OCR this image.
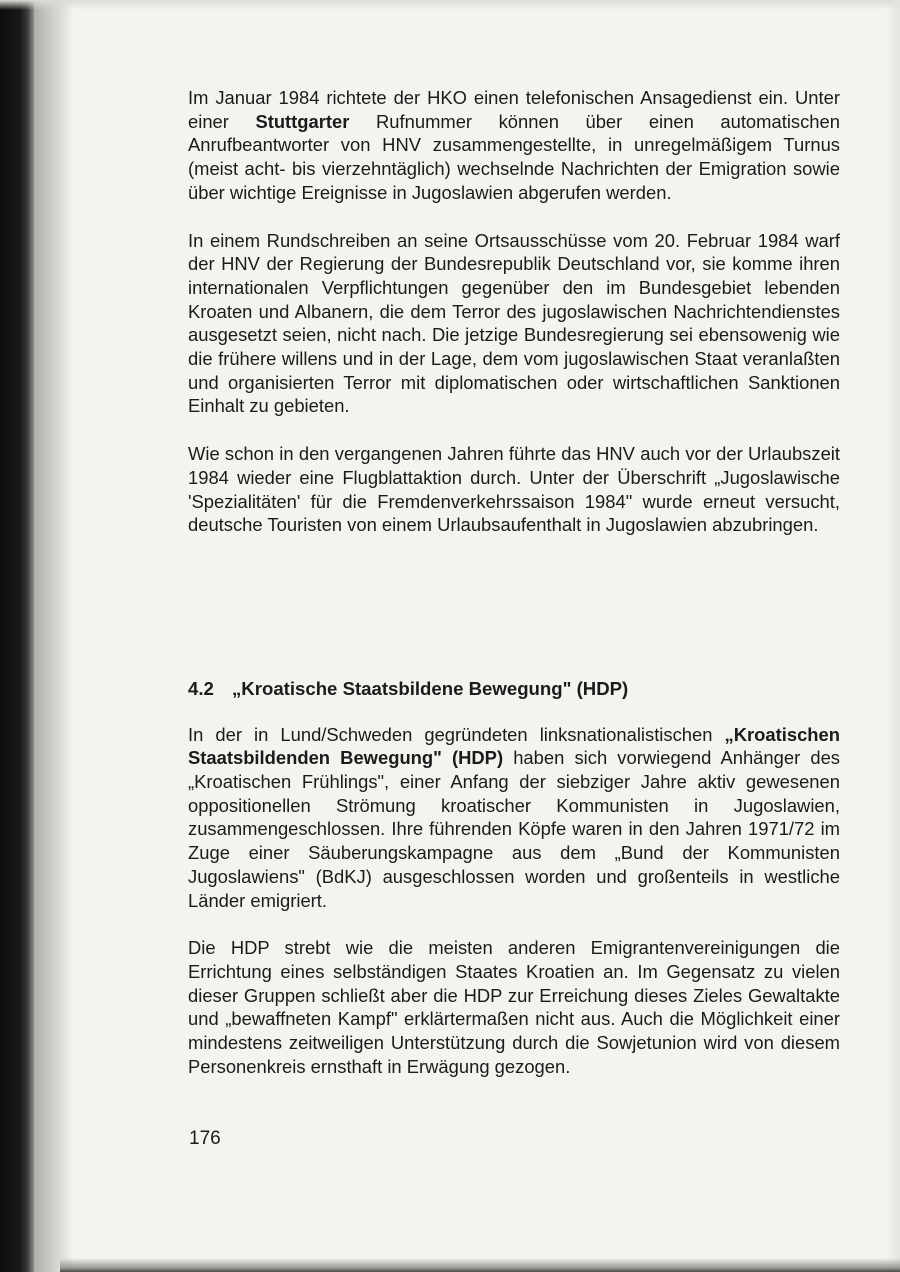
Im Januar 1984 richtete der HKO einen telefonischen Ansagedienst ein. Unter einer Stuttgarter Rufnummer können über einen automatischen Anrufbeantworter von HNV zusammengestellte, in unregelmäßigem Turnus (meist acht- bis vierzehntäglich) wechselnde Nachrichten der Emigration sowie über wichtige Ereignisse in Jugoslawien abgerufen werden.

In einem Rundschreiben an seine Ortsausschüsse vom 20. Februar 1984 warf der HNV der Regierung der Bundesrepublik Deutschland vor, sie komme ihren internationalen Verpflichtungen gegenüber den im Bundesgebiet lebenden Kroaten und Albanern, die dem Terror des jugoslawischen Nachrichtendienstes ausgesetzt seien, nicht nach. Die jetzige Bundesregierung sei ebensowenig wie die frühere willens und in der Lage, dem vom jugoslawischen Staat veranlaßten und organisierten Terror mit diplomatischen oder wirtschaftlichen Sanktionen Einhalt zu gebieten.

Wie schon in den vergangenen Jahren führte das HNV auch vor der Urlaubszeit 1984 wieder eine Flugblattaktion durch. Unter der Überschrift „Jugoslawische 'Spezialitäten' für die Fremdenverkehrssaison 1984" wurde erneut versucht, deutsche Touristen von einem Urlaubsaufenthalt in Jugoslawien abzubringen.

4.2 „Kroatische Staatsbildene Bewegung" (HDP)

In der in Lund/Schweden gegründeten linksnationalistischen „Kroatischen Staatsbildenden Bewegung" (HDP) haben sich vorwiegend Anhänger des „Kroatischen Frühlings", einer Anfang der siebziger Jahre aktiv gewesenen oppositionellen Strömung kroatischer Kommunisten in Jugoslawien, zusammengeschlossen. Ihre führenden Köpfe waren in den Jahren 1971/72 im Zuge einer Säuberungskampagne aus dem „Bund der Kommunisten Jugoslawiens" (BdKJ) ausgeschlossen worden und großenteils in westliche Länder emigriert.

Die HDP strebt wie die meisten anderen Emigrantenvereinigungen die Errichtung eines selbständigen Staates Kroatien an. Im Gegensatz zu vielen dieser Gruppen schließt aber die HDP zur Erreichung dieses Zieles Gewaltakte und „bewaffneten Kampf" erklärtermaßen nicht aus. Auch die Möglichkeit einer mindestens zeitweiligen Unterstützung durch die Sowjetunion wird von diesem Personenkreis ernsthaft in Erwägung gezogen.

176
